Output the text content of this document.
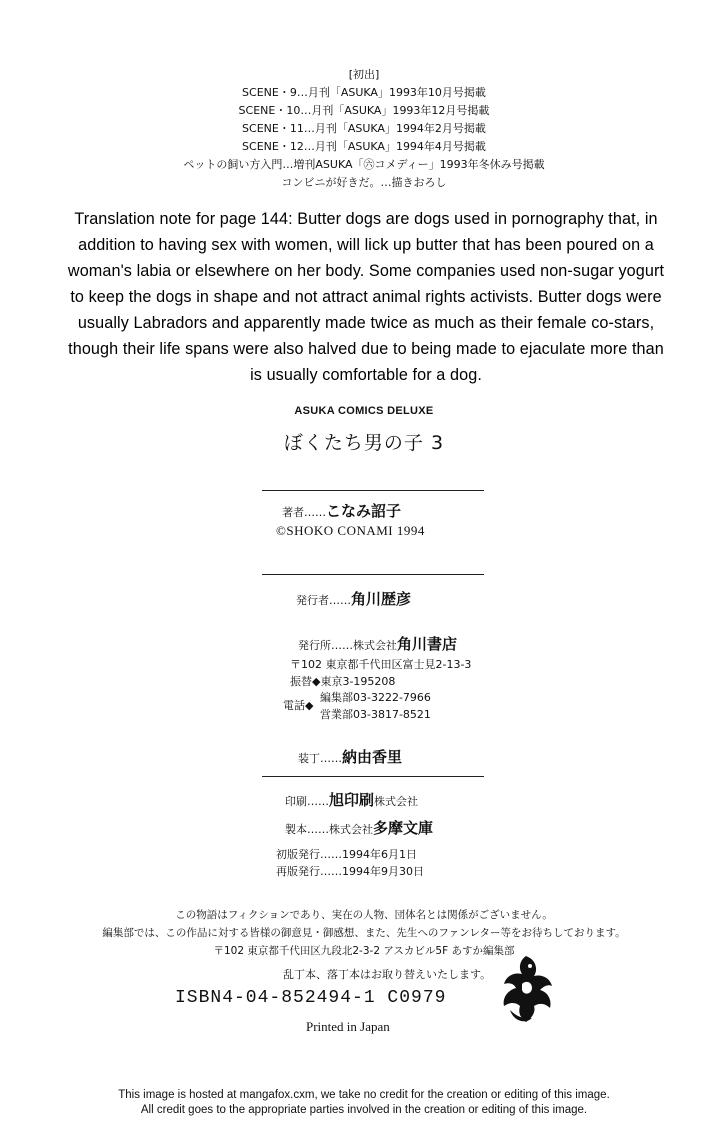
[初出]
SCENE・9…月刊「ASUKA」1993年10月号掲載
SCENE・10…月刊「ASUKA」1993年12月号掲載
SCENE・11…月刊「ASUKA」1994年2月号掲載
SCENE・12…月刊「ASUKA」1994年4月号掲載
ペットの飼い方入門…増刊ASUKA「㊅コメディー」1993年冬休み号掲載
コンビニが好きだ。…描きおろし
Translation note for page 144: Butter dogs are dogs used in pornography that, in addition to having sex with women, will lick up butter that has been poured on a woman's labia or elsewhere on her body. Some companies used non-sugar yogurt to keep the dogs in shape and not attract animal rights activists. Butter dogs were usually Labradors and apparently made twice as much as their female co-stars, though their life spans were also halved due to being made to ejaculate more than is usually comfortable for a dog.
ASUKA COMICS DELUXE
ぼくたち男の子 3
著者……こなみ詔子
©SHOKO CONAMI 1994
発行者……角川歴彦
発行所……株式会社角川書店
〒102 東京都千代田区富士見2-13-3
振替◆東京3-195208
電話◆
編集部03-3222-7966
営業部03-3817-8521
装丁……納由香里
印刷……旭印刷株式会社
製本……株式会社多摩文庫
初版発行……1994年6月1日
再版発行……1994年9月30日
この物語はフィクションであり、実在の人物、団体名とは関係がございません。
編集部では、この作品に対する皆様の御意見・御感想、また、先生へのファンレター等をお待ちしております。
〒102 東京都千代田区九段北2-3-2 アスカビル5F あすか編集部
乱丁本、落丁本はお取り替えいたします。
ISBN4-04-852494-1 C0979
Printed in Japan
This image is hosted at mangafox.cxm, we take no credit for the creation or editing of this image.
All credit goes to the appropriate parties involved in the creation or editing of this image.
